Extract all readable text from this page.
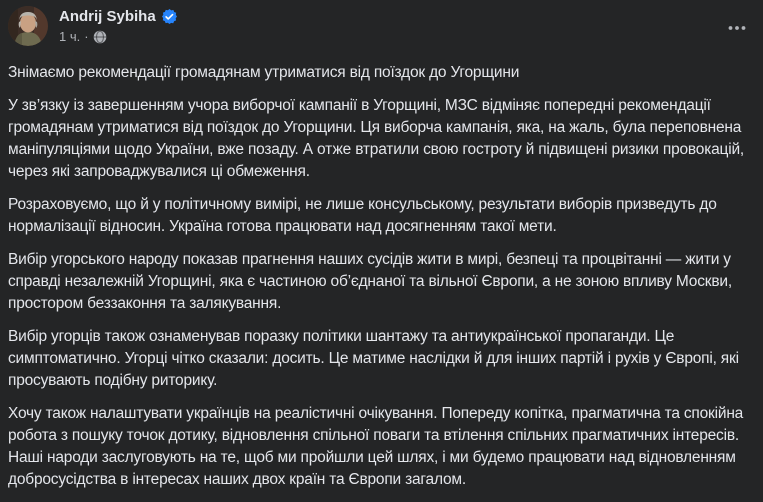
Andrij Sybiha
1 ч. ·

Знімаємо рекомендації громадянам утриматися від поїздок до Угорщини

У зв’язку із завершенням учора виборчої кампанії в Угорщині, МЗС відміняє попередні рекомендації громадянам утриматися від поїздок до Угорщини. Ця виборча кампанія, яка, на жаль, була переповнена маніпуляціями щодо України, вже позаду. А отже втратили свою гостроту й підвищені ризики провокацій, через які запроваджувалися ці обмеження.

Розраховуємо, що й у політичному вимірі, не лише консульському, результати виборів призведуть до нормалізації відносин. Україна готова працювати над досягненням такої мети.

Вибір угорського народу показав прагнення наших сусідів жити в мирі, безпеці та процвітанні — жити у справді незалежній Угорщині, яка є частиною об’єднаної та вільної Європи, а не зоною впливу Москви, простором беззаконня та залякування.

Вибір угорців також ознаменував поразку політики шантажу та антиукраїнської пропаганди. Це симптоматично. Угорці чітко сказали: досить. Це матиме наслідки й для інших партій і рухів у Європі, які просувають подібну риторику.

Хочу також налаштувати українців на реалістичні очікування. Попереду копітка, прагматична та спокійна робота з пошуку точок дотику, відновлення спільної поваги та втілення спільних прагматичних інтересів. Наші народи заслуговують на те, щоб ми пройшли цей шлях, і ми будемо працювати над відновленням добросусідства в інтересах наших двох країн та Європи загалом.
